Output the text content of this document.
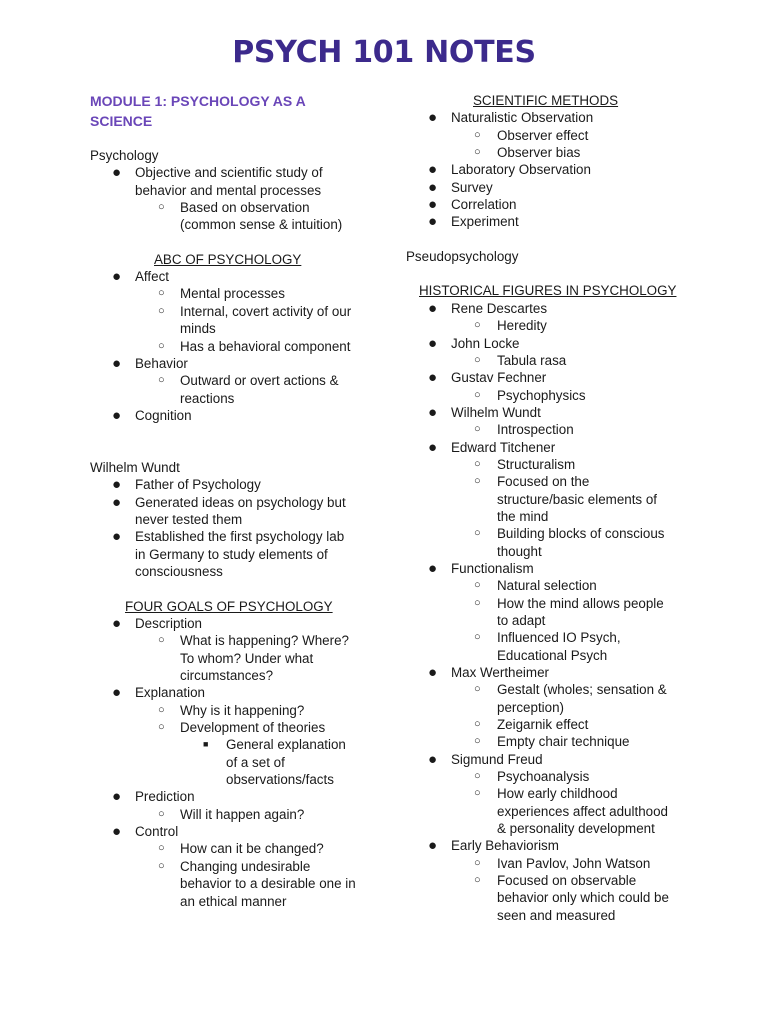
PSYCH 101 NOTES
MODULE 1: PSYCHOLOGY AS A
SCIENCE
Psychology
● Objective and scientific study of
behavior and mental processes
○ Based on observation
(common sense & intuition)
ABC OF PSYCHOLOGY
● Affect
○ Mental processes
○ Internal, covert activity of our
minds
○ Has a behavioral component
● Behavior
○ Outward or overt actions &
reactions
● Cognition
Wilhelm Wundt
● Father of Psychology
● Generated ideas on psychology but
never tested them
● Established the first psychology lab
in Germany to study elements of
consciousness
FOUR GOALS OF PSYCHOLOGY
● Description
○ What is happening? Where?
To whom? Under what
circumstances?
● Explanation
○ Why is it happening?
○ Development of theories
■ General explanation
of a set of
observations/facts
● Prediction
○ Will it happen again?
● Control
○ How can it be changed?
○ Changing undesirable
behavior to a desirable one in
an ethical manner
SCIENTIFIC METHODS
● Naturalistic Observation
○ Observer effect
○ Observer bias
● Laboratory Observation
● Survey
● Correlation
● Experiment
Pseudopsychology
HISTORICAL FIGURES IN PSYCHOLOGY
● Rene Descartes
○ Heredity
● John Locke
○ Tabula rasa
● Gustav Fechner
○ Psychophysics
● Wilhelm Wundt
○ Introspection
● Edward Titchener
○ Structuralism
○ Focused on the
structure/basic elements of
the mind
○ Building blocks of conscious
thought
● Functionalism
○ Natural selection
○ How the mind allows people
to adapt
○ Influenced IO Psych,
Educational Psych
● Max Wertheimer
○ Gestalt (wholes; sensation &
perception)
○ Zeigarnik effect
○ Empty chair technique
● Sigmund Freud
○ Psychoanalysis
○ How early childhood
experiences affect adulthood
& personality development
● Early Behaviorism
○ Ivan Pavlov, John Watson
○ Focused on observable
behavior only which could be
seen and measured
